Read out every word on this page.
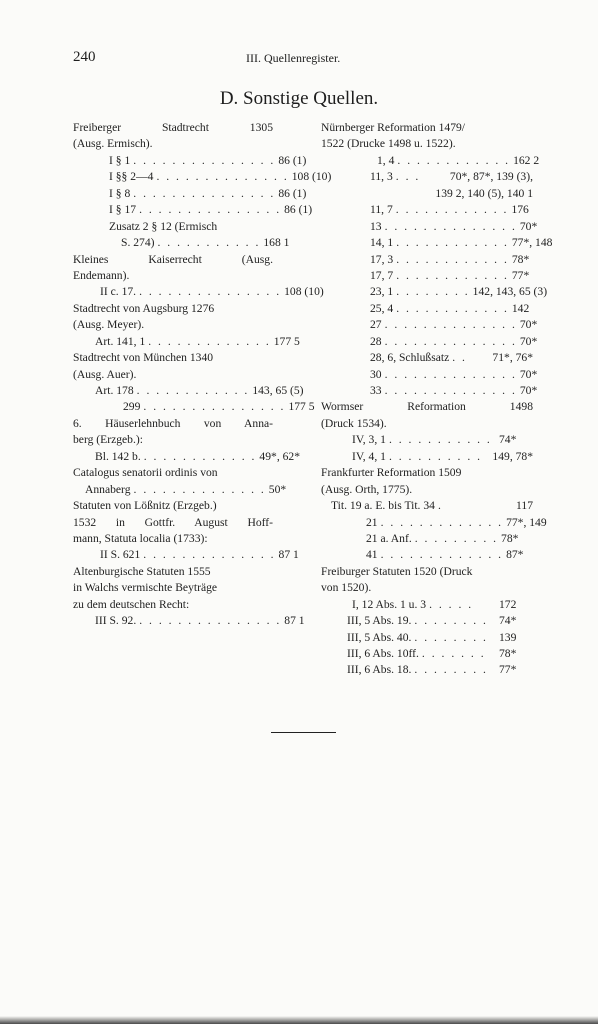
240	III. Quellenregister.
D. Sonstige Quellen.
Freiberger Stadtrecht 1305
(Ausg. Ermisch).
I § 1 . . . . . . . . . . . . . . . 86 (1)
I §§ 2—4 . . . . . . . . . . . . . . 108 (10)
I § 8 . . . . . . . . . . . . . . . 86 (1)
I § 17 . . . . . . . . . . . . . . . 86 (1)
Zusatz 2 § 12 (Ermisch
S. 274) . . . . . . . . . . . 168 1
Kleines Kaiserrecht (Ausg.
Endemann).
II c. 17. . . . . . . . . . . . . . . . 108 (10)
Stadtrecht von Augsburg 1276
(Ausg. Meyer).
Art. 141, 1 . . . . . . . . . . . . . 177 5
Stadtrecht von München 1340
(Ausg. Auer).
Art. 178 . . . . . . . . . . . . 143, 65 (5)
299 . . . . . . . . . . . . . . . 177 5
6. Häuserlehnbuch von Anna-
berg (Erzgeb.):
Bl. 142 b. . . . . . . . . . . . . 49*, 62*
Catalogus senatorii ordinis von
Annaberg . . . . . . . . . . . . . . 50*
Statuten von Lößnitz (Erzgeb.)
1532 in Gottfr. August Hoff-
mann, Statuta localia (1733):
II S. 621 . . . . . . . . . . . . . . 87 1
Altenburgische Statuten 1555
in Walchs vermischte Beyträge
zu dem deutschen Recht:
III S. 92. . . . . . . . . . . . . . . . 87 1
Nürnberger Reformation 1479/
1522 (Drucke 1498 u. 1522).
1, 4 . . . . . . . . . . . . 162 2
11, 3 . . .	70*, 87*, 139 (3),
139 2, 140 (5), 140 1
11, 7 . . . . . . . . . . . . 176
13 . . . . . . . . . . . . . . 70*
14, 1 . . . . . . . . . . . . 77*, 148
17, 3 . . . . . . . . . . . . 78*
17, 7 . . . . . . . . . . . . 77*
23, 1 . . . . . . . . 142, 143, 65 (3)
25, 4 . . . . . . . . . . . . 142
27 . . . . . . . . . . . . . . 70*
28 . . . . . . . . . . . . . . 70*
28, 6, Schlußsatz . .	71*, 76*
30 . . . . . . . . . . . . . . 70*
33 . . . . . . . . . . . . . . 70*
Wormser Reformation 1498
(Druck 1534).
IV, 3, 1 . . . . . . . . . . . 74*
IV, 4, 1 . . . . . . . . . . 149, 78*
Frankfurter Reformation 1509
(Ausg. Orth, 1775).
Tit. 19 a. E. bis Tit. 34 .	117
21 . . . . . . . . . . . . . 77*, 149
21 a. Anf. . . . . . . . . . 78*
41 . . . . . . . . . . . . . 87*
Freiburger Statuten 1520 (Druck
von 1520).
I, 12 Abs. 1 u. 3 . . . . .	172
III, 5 Abs. 19. . . . . . . . . 74*
III, 5 Abs. 40. . . . . . . . . 139
III, 6 Abs. 10ff. . . . . . . .	78*
III, 6 Abs. 18. . . . . . . . . 77*
